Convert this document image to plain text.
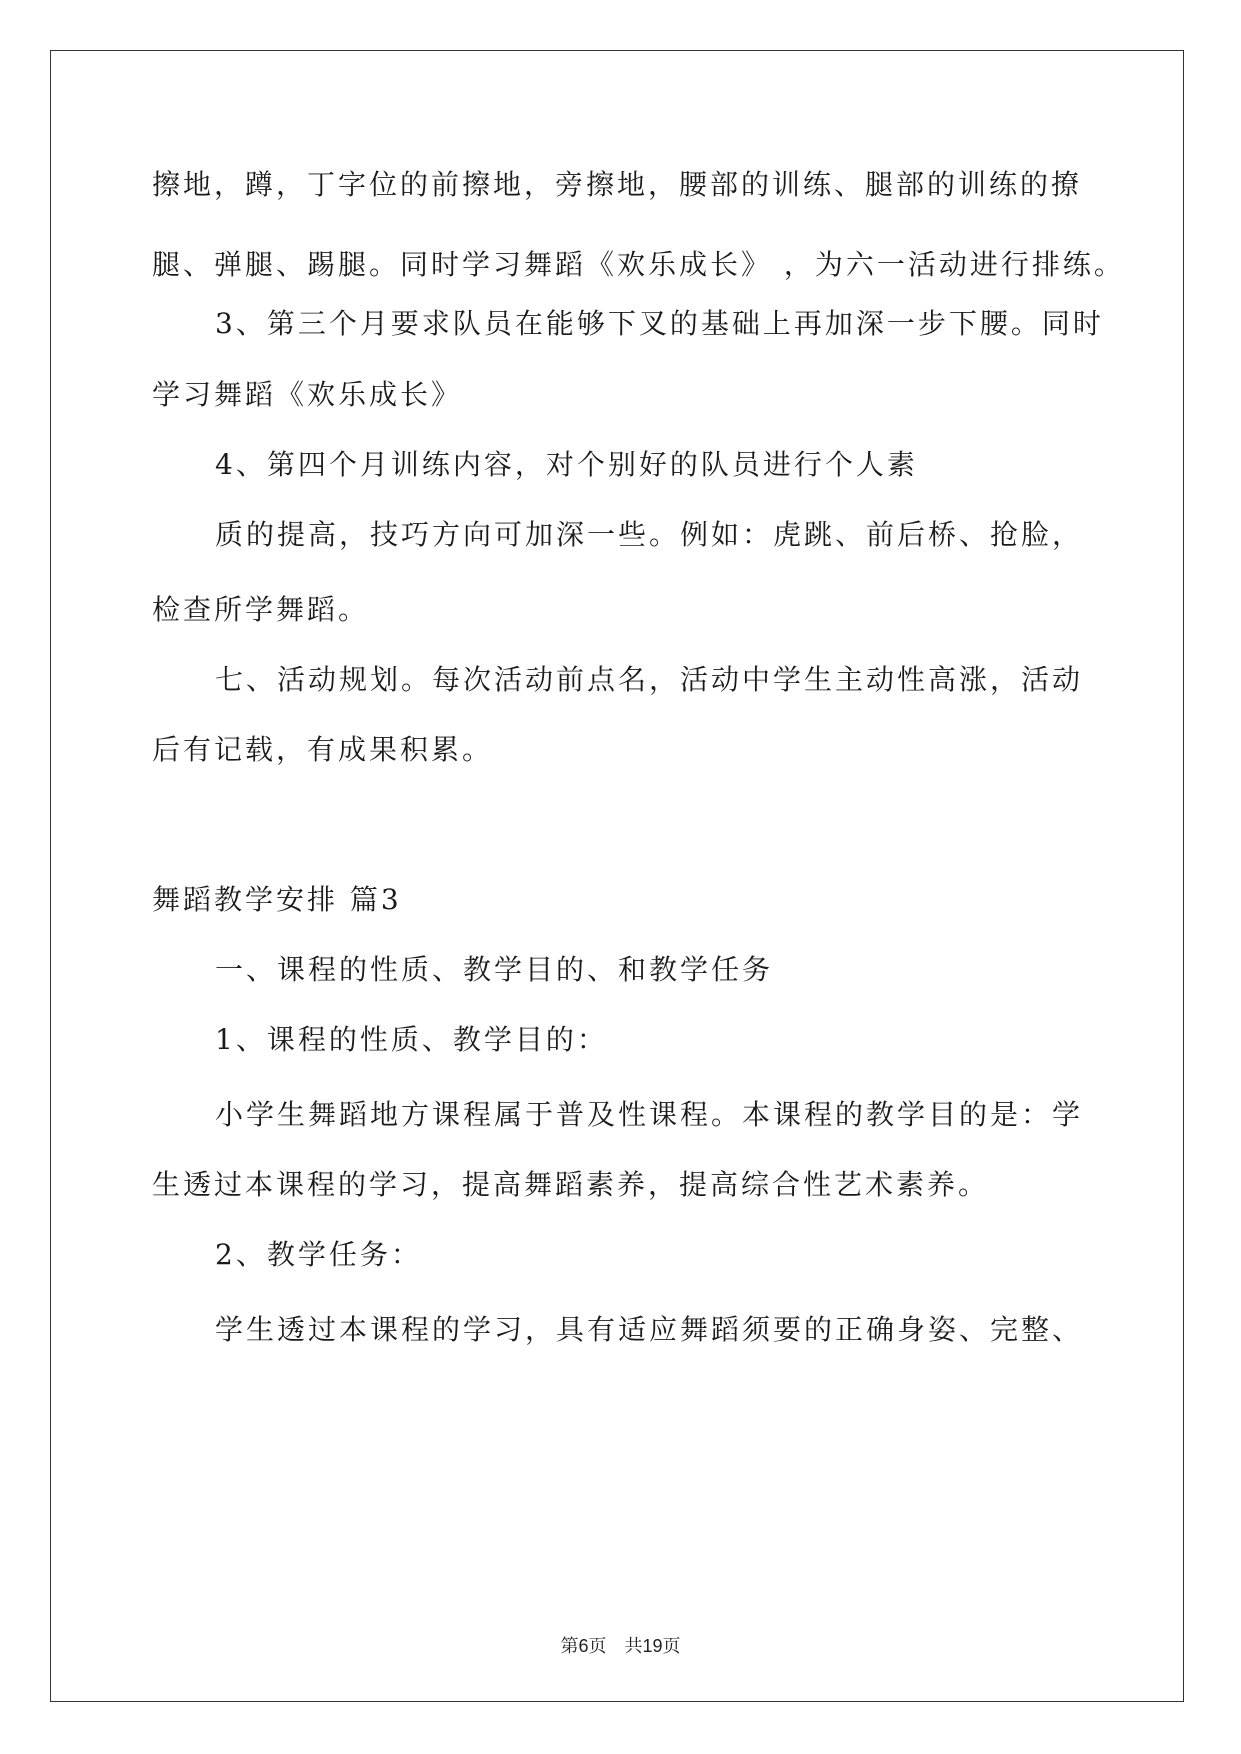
擦地，蹲，丁字位的前擦地，旁擦地，腰部的训练、腿部的训练的撩
腿、弹腿、踢腿。同时学习舞蹈《欢乐成长》 ，为六一活动进行排练。
3、第三个月要求队员在能够下叉的基础上再加深一步下腰。同时
学习舞蹈《欢乐成长》
4、第四个月训练内容，对个别好的队员进行个人素
质的提高，技巧方向可加深一些。例如：虎跳、前后桥、抢脸，
检查所学舞蹈。
七、活动规划。每次活动前点名，活动中学生主动性高涨，活动
后有记载，有成果积累。
舞蹈教学安排 篇3
一、课程的性质、教学目的、和教学任务
1、课程的性质、教学目的：
小学生舞蹈地方课程属于普及性课程。本课程的教学目的是：学
生透过本课程的学习，提高舞蹈素养，提高综合性艺术素养。
2、教学任务：
学生透过本课程的学习，具有适应舞蹈须要的正确身姿、完整、
第6页　共19页
